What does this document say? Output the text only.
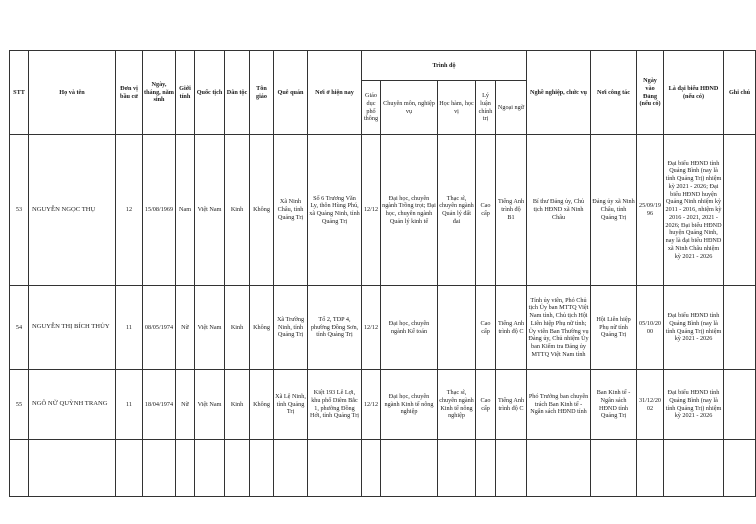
STT	Họ và tên	Đơn vị bầu cử	Ngày, tháng, năm sinh	Giới tính	Quốc tịch	Dân tộc	Tôn giáo	Quê quán	Nơi ở hiện nay	Trình độ					Nghề nghiệp, chức vụ	Nơi công tác	Ngày vào Đảng (nếu có)	Là đại biểu HĐND (nếu có)	Ghi chú
										Giáo dục phổ thông	Chuyên môn, nghiệp vụ	Học hàm, học vị	Lý luận chính trị	Ngoại ngữ					
53	NGUYỄN NGỌC THỤ	12	15/08/1969	Nam	Việt Nam	Kinh	Không	Xã Ninh Châu, tỉnh Quảng Trị	Số 6 Trương Văn Ly, thôn Hùng Phú, xã Quảng Ninh, tỉnh Quảng Trị	12/12	Đại học, chuyên ngành Trồng trọt; Đại học, chuyên ngành Quản lý kinh tế	Thạc sĩ, chuyên ngành Quản lý đất đai	Cao cấp	Tiếng Anh trình độ B1	Bí thư Đảng ủy, Chủ tịch HĐND xã Ninh Châu	Đảng ủy xã Ninh Châu, tỉnh Quảng Trị	25/09/1996	Đại biểu HĐND tỉnh Quảng Bình (nay là tỉnh Quảng Trị) nhiệm kỳ 2021 - 2026; Đại biểu HĐND huyện Quảng Ninh nhiệm kỳ 2011 - 2016, nhiệm kỳ 2016 - 2021, 2021 - 2026; Đại biểu HĐND huyện Quảng Ninh, nay là đại biểu HĐND xã Ninh Châu nhiệm kỳ 2021 - 2026	
54	NGUYỄN THỊ BÍCH THỦY	11	08/05/1974	Nữ	Việt Nam	Kinh	Không	Xã Trường Ninh, tỉnh Quảng Trị	Tổ 2, TDP 4, phường Đồng Sơn, tỉnh Quảng Trị	12/12	Đại học, chuyên ngành Kế toán		Cao cấp	Tiếng Anh trình độ C	Tỉnh ủy viên, Phó Chủ tịch Ủy ban MTTQ Việt Nam tỉnh, Chủ tịch Hội Liên hiệp Phụ nữ tỉnh; Ủy viên Ban Thường vụ Đảng ủy, Chủ nhiệm Ủy ban Kiểm tra Đảng ủy MTTQ Việt Nam tỉnh	Hội Liên hiệp Phụ nữ tỉnh Quảng Trị	05/10/2000	Đại biểu HĐND tỉnh Quảng Bình (nay là tỉnh Quảng Trị) nhiệm kỳ 2021 - 2026	
55	NGÔ NỮ QUỲNH TRANG	11	18/04/1974	Nữ	Việt Nam	Kinh	Không	Xã Lệ Ninh, tỉnh Quảng Trị	Kiệt 193 Lê Lợi, khu phố Diêm Bắc 1, phường Đồng Hới, tỉnh Quảng Trị	12/12	Đại học, chuyên ngành Kinh tế nông nghiệp	Thạc sĩ, chuyên ngành Kinh tế nông nghiệp	Cao cấp	Tiếng Anh trình độ C	Phó Trưởng ban chuyên trách Ban Kinh tế - Ngân sách HĐND tỉnh	Ban Kinh tế - Ngân sách HĐND tỉnh Quảng Trị	31/12/2002	Đại biểu HĐND tỉnh Quảng Bình (nay là tỉnh Quảng Trị) nhiệm kỳ 2021 - 2026	
